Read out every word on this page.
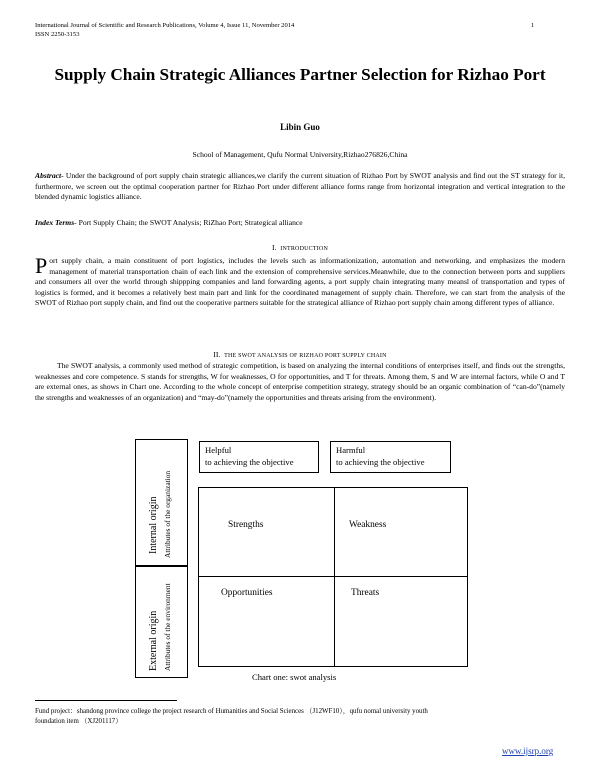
International Journal of Scientific and Research Publications, Volume 4, Issue 11, November 2014	1
ISSN 2250-3153
Supply Chain Strategic Alliances Partner Selection for Rizhao Port
Libin Guo
School of Management, Qufu Normal University,Rizhao276826,China
Abstract- Under the background of port supply chain strategic alliances,we clarify the current situation of Rizhao Port by SWOT analysis and find out the ST strategy for it, furthermore, we screen out the optimal cooperation partner for Rizhao Port under different alliance forms range from horizontal integration and vertical integration to the blended dynamic logistics alliance.
Index Terms- Port Supply Chain; the SWOT Analysis; RiZhao Port; Strategical alliance
I. INTRODUCTION
Port supply chain, a main constituent of port logistics, includes the levels such as informationization, automation and networking, and emphasizes the modern management of material transportation chain of each link and the extension of comprehensive services.Meanwhile, due to the connection between ports and suppliers and consumers all over the world through shippping companies and land forwarding agents, a port supply chain integrating many meansl of transportation and types of logistics is formed, and it becomes a relatively best main part and link for the coordinated management of supply chain. Therefore, we can start from the analysis of the SWOT of Rizhao port supply chain, and find out the cooperative partners suitable for the strategical alliance of Rizhao port supply chain among different types of alliance.
II. THE SWOT ANALYSIS OF RIZHAO PORT SUPPLY CHAIN
The SWOT analysis, a commonly used method of strategic competition, is based on analyzing the internal conditions of enterprises itself, and finds out the strengths, weaknesses and core competence. S stands for strengths, W for weaknesses, O for opportunities, and T for threats. Among them, S and W are internal factors, while O and T are external ones, as shows in Chart one. According to the whole concept of enterprise competition strategy, strategy should be an organic combination of “can-do”(namely the strengths and weaknesses of an organization) and “may-do”(namely the opportunities and threats arising from the environment).
Internal origin Attributes of the organization
External origin Attributes of the environment
Helpful
to achieving the objective
Harmful
to achieving the objective
Strengths	Weakness
Opportunities	Threats
Chart one: swot analysis
Fund project：shandong province college the project research of Humanities and Social Sciences （J12WF10），qufu nomal university youth
foundation item （XJ201117）
www.ijsrp.org
